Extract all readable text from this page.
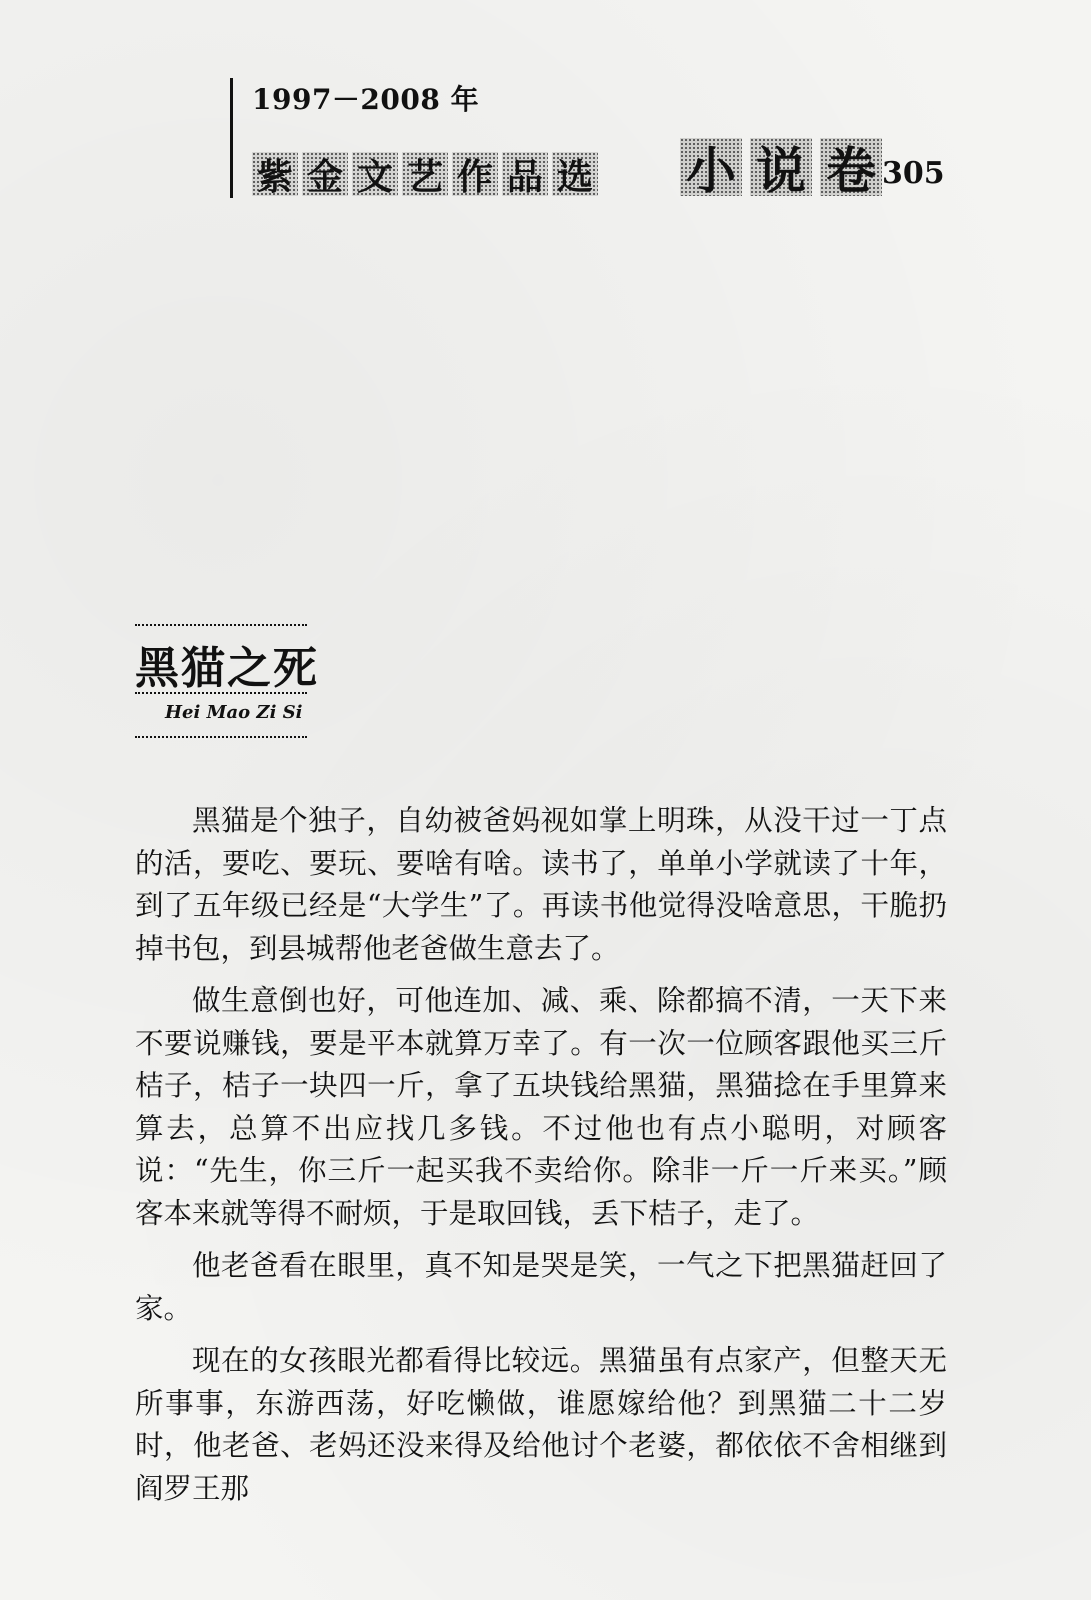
1997－2008 年
紫 金 文 艺 作 品 选 小 说 卷 305
黑猫之死
Hei Mao Zi Si

黑猫是个独子，自幼被爸妈视如掌上明珠，从没干过一丁点的活，要吃、要玩、要啥有啥。读书了，单单小学就读了十年，到了五年级已经是“大学生”了。再读书他觉得没啥意思，干脆扔掉书包，到县城帮他老爸做生意去了。

做生意倒也好，可他连加、减、乘、除都搞不清，一天下来不要说赚钱，要是平本就算万幸了。有一次一位顾客跟他买三斤桔子，桔子一块四一斤，拿了五块钱给黑猫，黑猫捻在手里算来算去，总算不出应找几多钱。不过他也有点小聪明，对顾客说：“先生，你三斤一起买我不卖给你。除非一斤一斤来买。”顾客本来就等得不耐烦，于是取回钱，丢下桔子，走了。

他老爸看在眼里，真不知是哭是笑，一气之下把黑猫赶回了家。

现在的女孩眼光都看得比较远。黑猫虽有点家产，但整天无所事事，东游西荡，好吃懒做，谁愿嫁给他？到黑猫二十二岁时，他老爸、老妈还没来得及给他讨个老婆，都依依不舍相继到阎罗王那
